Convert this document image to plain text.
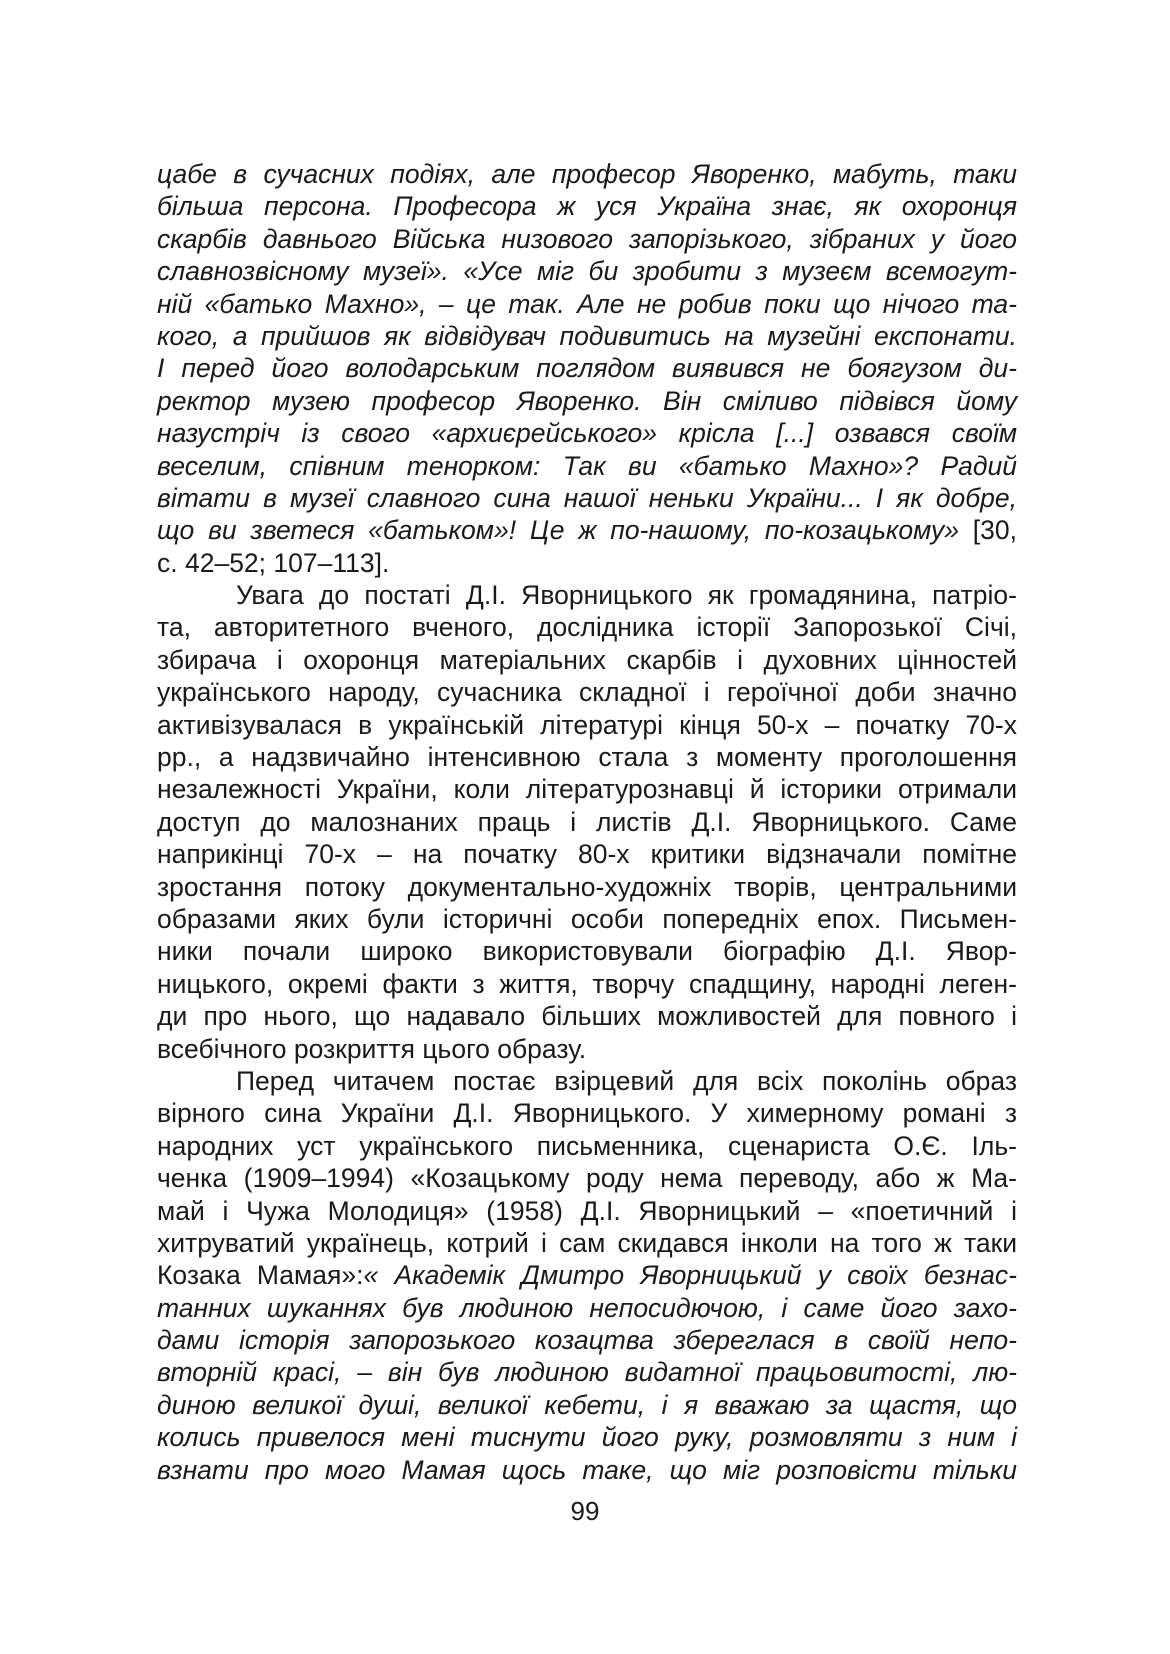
цабе в сучасних подіях, але професор Яворенко, мабуть, таки
більша персона. Професора ж уся Україна знає, як охоронця
скарбів давнього Війська низового запорізького, зібраних у його
славнозвісному музеї». «Усе міг би зробити з музеєм всемогут-
ній «батько Махно», – це так. Але не робив поки що нічого та-
кого, а прийшов як відвідувач подивитись на музейні експонати.
І перед його володарським поглядом виявився не боягузом ди-
ректор музею професор Яворенко. Він сміливо підвівся йому
назустріч із свого «архиєрейського» крісла [...] озвався своїм
веселим, співним тенорком: Так ви «батько Махно»? Радий
вітати в музеї славного сина нашої неньки України... І як добре,
що ви зветеся «батьком»! Це ж по-нашому, по-козацькому» [30,
с. 42–52; 107–113].
Увага до постаті Д.І. Яворницького як громадянина, патріо-
та, авторитетного вченого, дослідника історії Запорозької Січі,
збирача і охоронця матеріальних скарбів і духовних цінностей
українського народу, сучасника складної і героїчної доби значно
активізувалася в українській літературі кінця 50-х – початку 70-х
рр., а надзвичайно інтенсивною стала з моменту проголошення
незалежності України, коли літературознавці й історики отримали
доступ до малознаних праць і листів Д.І. Яворницького. Саме
наприкінці 70-х – на початку 80-х критики відзначали помітне
зростання потоку документально-художніх творів, центральними
образами яких були історичні особи попередніх епох. Письмен-
ники почали широко використовували біографію Д.І. Явор-
ницького, окремі факти з життя, творчу спадщину, народні леген-
ди про нього, що надавало більших можливостей для повного і
всебічного розкриття цього образу.
Перед читачем постає взірцевий для всіх поколінь образ
вірного сина України Д.І. Яворницького. У химерному романі з
народних уст українського письменника, сценариста О.Є. Іль-
ченка (1909–1994) «Козацькому роду нема переводу, або ж Ма-
май і Чужа Молодиця» (1958) Д.І. Яворницький – «поетичний і
хитруватий українець, котрий і сам скидався інколи на того ж таки
Козака Мамая»:« Академік Дмитро Яворницький у своїх безнас-
танних шуканнях був людиною непосидючою, і саме його захо-
дами історія запорозького козацтва збереглася в своїй непо-
вторній красі, – він був людиною видатної працьовитості, лю-
диною великої душі, великої кебети, і я вважаю за щастя, що
колись привелося мені тиснути його руку, розмовляти з ним і
взнати про мого Мамая щось таке, що міг розповісти тільки
99
